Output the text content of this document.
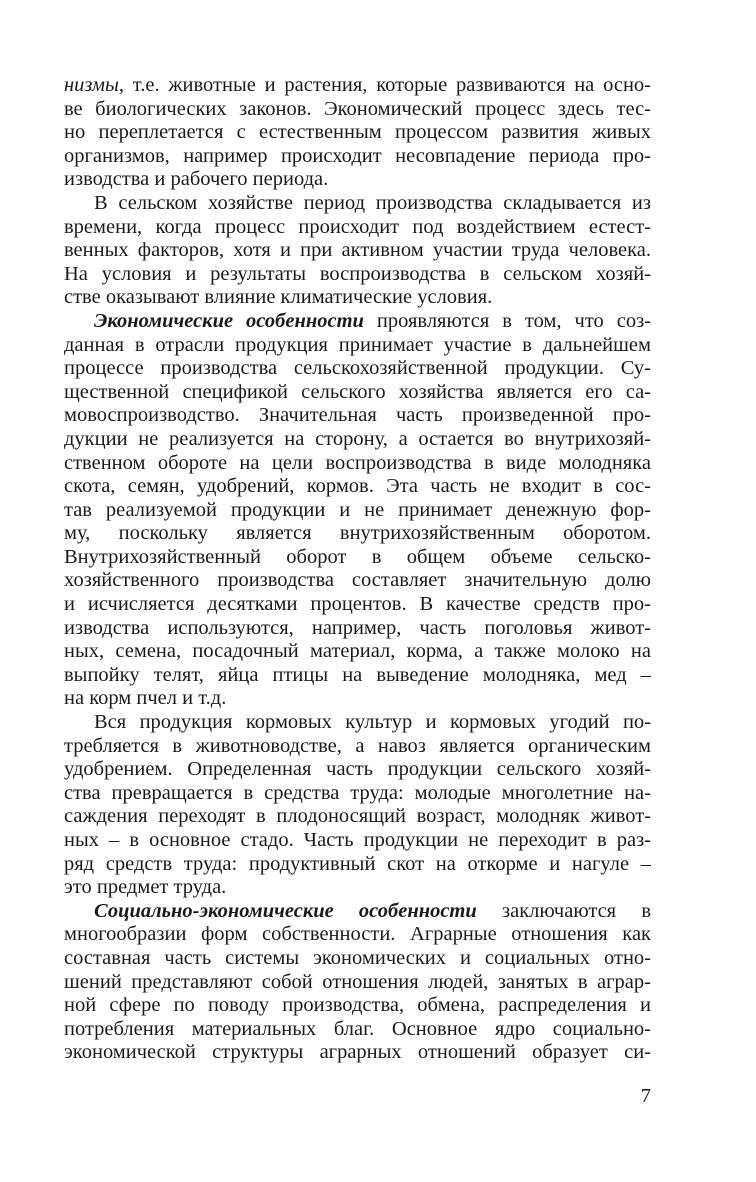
низмы, т.е. животные и растения, которые развиваются на осно-
ве биологических законов. Экономический процесс здесь тес-
но переплетается с естественным процессом развития живых
организмов, например происходит несовпадение периода про-
изводства и рабочего периода.
В сельском хозяйстве период производства складывается из
времени, когда процесс происходит под воздействием естест-
венных факторов, хотя и при активном участии труда человека.
На условия и результаты воспроизводства в сельском хозяй-
стве оказывают влияние климатические условия.
Экономические особенности проявляются в том, что соз-
данная в отрасли продукция принимает участие в дальнейшем
процессе производства сельскохозяйственной продукции. Су-
щественной спецификой сельского хозяйства является его са-
мовоспроизводство. Значительная часть произведенной про-
дукции не реализуется на сторону, а остается во внутрихозяй-
ственном обороте на цели воспроизводства в виде молодняка
скота, семян, удобрений, кормов. Эта часть не входит в сос-
тав реализуемой продукции и не принимает денежную фор-
му, поскольку является внутрихозяйственным оборотом.
Внутрихозяйственный оборот в общем объеме сельско-
хозяйственного производства составляет значительную долю
и исчисляется десятками процентов. В качестве средств про-
изводства используются, например, часть поголовья живот-
ных, семена, посадочный материал, корма, а также молоко на
выпойку телят, яйца птицы на выведение молодняка, мед –
на корм пчел и т.д.
Вся продукция кормовых культур и кормовых угодий по-
требляется в животноводстве, а навоз является органическим
удобрением. Определенная часть продукции сельского хозяй-
ства превращается в средства труда: молодые многолетние на-
саждения переходят в плодоносящий возраст, молодняк живот-
ных – в основное стадо. Часть продукции не переходит в раз-
ряд средств труда: продуктивный скот на откорме и нагуле –
это предмет труда.
Социально-экономические особенности заключаются в
многообразии форм собственности. Аграрные отношения как
составная часть системы экономических и социальных отно-
шений представляют собой отношения людей, занятых в аграр-
ной сфере по поводу производства, обмена, распределения и
потребления материальных благ. Основное ядро социально-
экономической структуры аграрных отношений образует си-
7
